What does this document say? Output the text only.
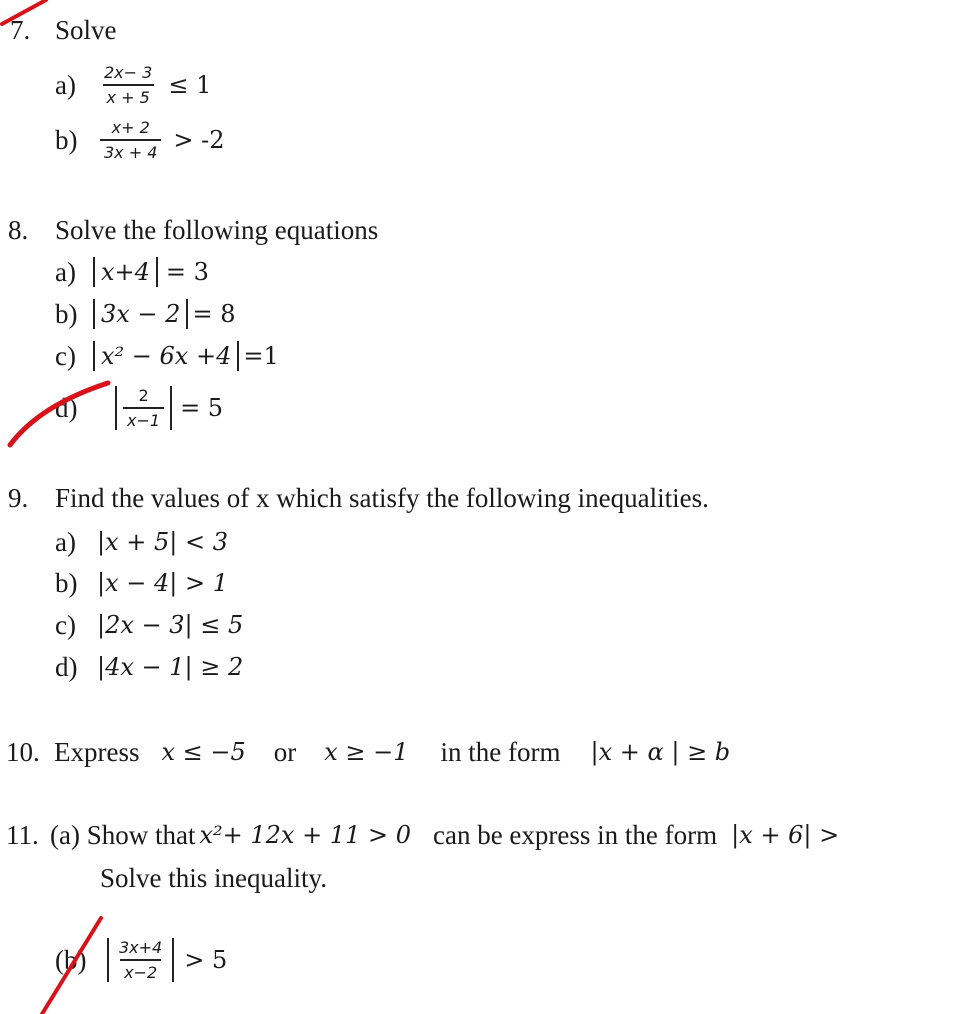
7. Solve
a)	$\frac{2x- 3}{x + 5} \le 1$
b)	$\frac{x+ 2}{3x + 4} > -2$
8. Solve the following equations
a)	x+4 = 3
b) 3x − 2 = 8
c)	x² − 6x +4 =1
d)	$\frac{2}{x-1} = 5$
9. Find the values of x which satisfy the following inequalities.
a) |x + 5| < 3
b) |x − 4| > 1
c) |2x − 3| ≤ 5
d) |4x − 1| ≥ 2
10. Express x ≤ −5 or x ≥ −1 in the form |x + α | ≥ b
11. (a) Show that x²+ 12x + 11 > 0 can be express in the form |x + 6| >
Solve this inequality.
(b)	$\frac{3x+4}{x-2} > 5$
